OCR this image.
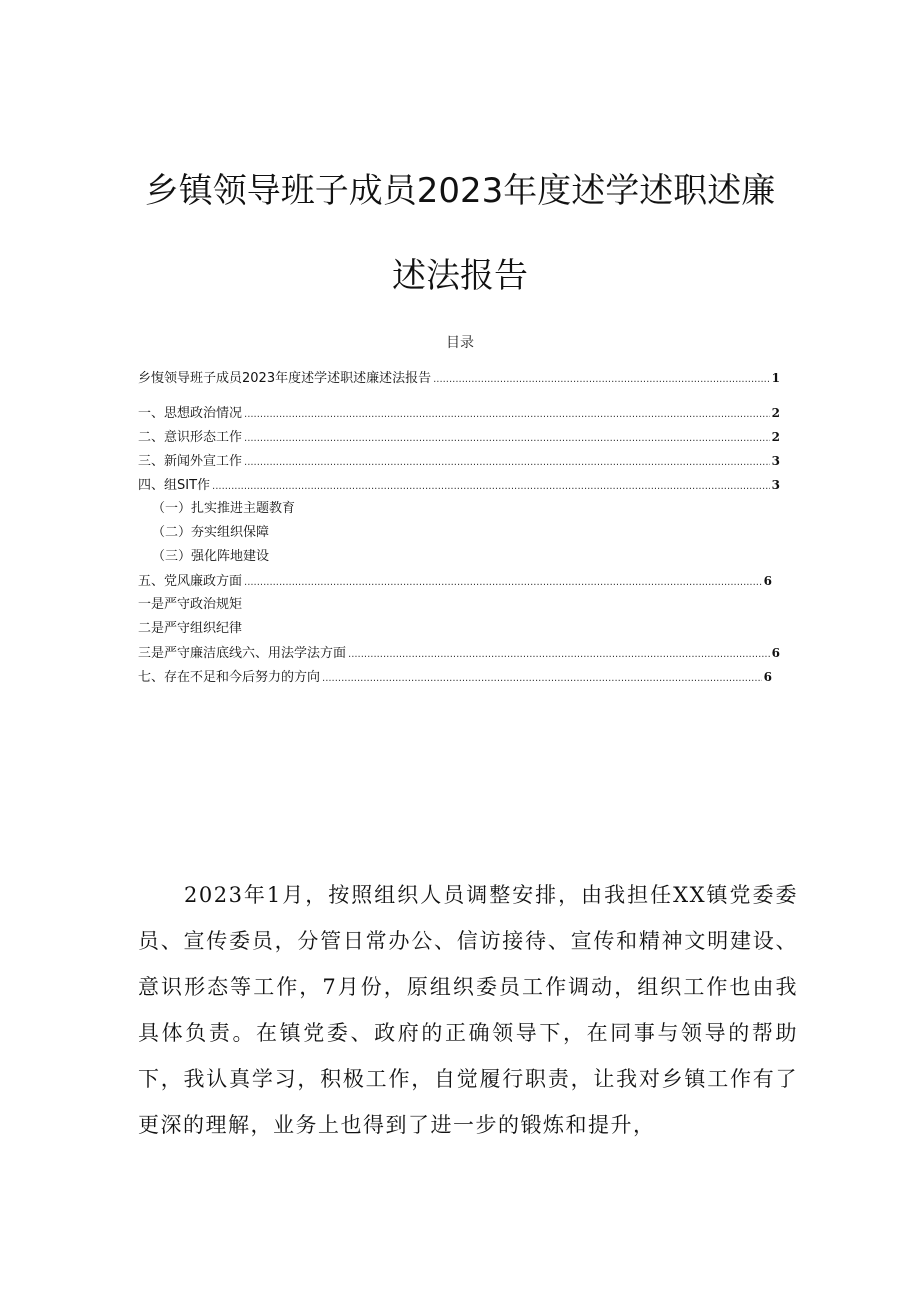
乡镇领导班子成员2023年度述学述职述廉
述法报告
目录
乡愎领导班子成员2023年度述学述职述廉述法报告 .....	1
一、思想政治情况 .....	2
二、意识形态工作 .....	2
三、新闻外宣工作 .....	3
四、组SIT作 .....	3
（一）扎实推进主题教育
（二）夯实组织保障
（三）强化阵地建设
五、党风廉政方面 .....	6
一是严守政治规矩
二是严守组织纪律
三是严守廉洁底线六、用法学法方面 .....	6
七、存在不足和今后努力的方向 .....	6

2023年1月，按照组织人员调整安排，由我担任XX镇党委委员、宣传委员，分管日常办公、信访接待、宣传和精神文明建设、意识形态等工作，7月份，原组织委员工作调动，组织工作也由我具体负责。在镇党委、政府的正确领导下，在同事与领导的帮助下，我认真学习，积极工作，自觉履行职责，让我对乡镇工作有了更深的理解，业务上也得到了进一步的锻炼和提升，
